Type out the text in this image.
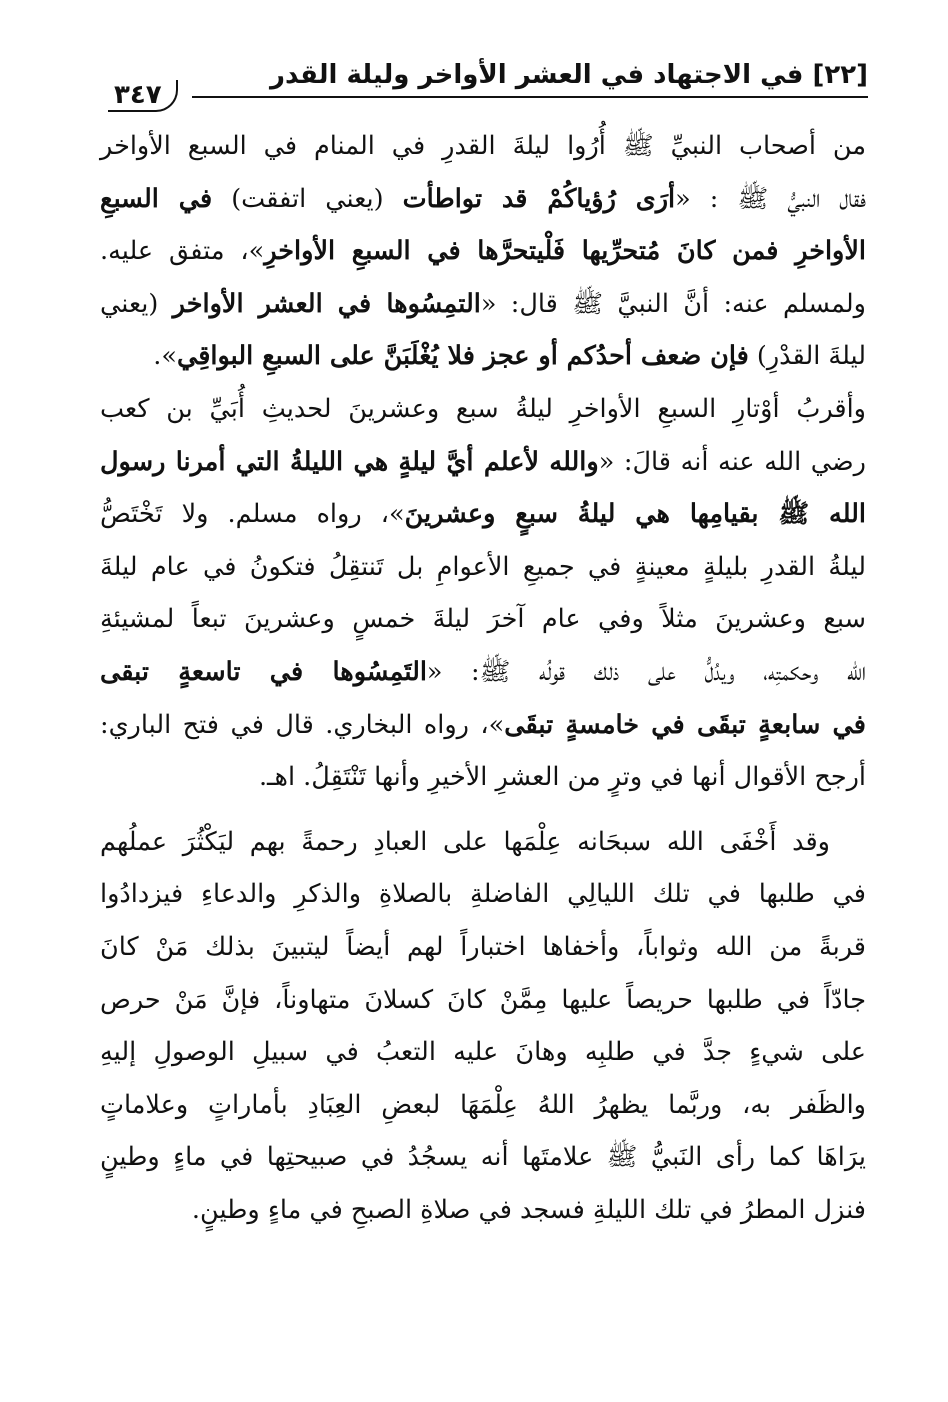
[٢٢] في الاجتهاد في العشر الأواخر وليلة القدر
٣٤٧
من أصحاب النبيِّ ﷺ أُرُوا ليلةَ القدرِ في المنام في السبع الأواخر
فقال النبيُّ ﷺ : «أرَى رُؤياكُمْ قد تواطأت (يعني اتفقت) في السبعِ
الأواخرِ فمن كانَ مُتحرِّيها فَلْيتحرَّها في السبعِ الأواخرِ»، متفق عليه.
ولمسلم عنه: أنَّ النبيَّ ﷺ قال: «التمِسُوها في العشر الأواخر (يعني
ليلةَ القدْرِ) فإن ضعف أحدُكم أو عجز فلا يُغْلَبَنَّ على السبعِ البواقِي».
وأقربُ أوْتارِ السبعِ الأواخرِ ليلةُ سبع وعشرينَ لحديثِ أُبَيِّ بن كعب
رضي الله عنه أنه قالَ: «والله لأعلم أيَّ ليلةٍ هي الليلةُ التي أمرنا رسول
الله ﷺ بقيامِها هي ليلةُ سبعٍ وعشرينَ»، رواه مسلم. ولا تَخْتَصُّ
ليلةُ القدرِ بليلةٍ معينةٍ في جميعِ الأعوامِ بل تَنتقِلُ فتكونُ في عام ليلةَ
سبع وعشرينَ مثلاً وفي عام آخرَ ليلةَ خمسٍ وعشرينَ تبعاً لمشيئةِ
الله وحكمتِه، ويدُلُّ على ذلك قولُه ﷺ: «التَمِسُوها في تاسعةٍ تبقى
في سابعةٍ تبقَى في خامسةٍ تبقَى»، رواه البخاري. قال في فتح الباري:
أرجح الأقوال أنها في وترٍ من العشرِ الأخيرِ وأنها تَنْتَقِلُ. اهـ.
وقد أَخْفَى الله سبحَانه عِلْمَها على العبادِ رحمةً بهم ليَكْثُرَ عملُهم
في طلبها في تلك الليالِي الفاضلةِ بالصلاةِ والذكرِ والدعاءِ فيزدادُوا
قربةً من الله وثواباً، وأخفاها اختباراً لهم أيضاً ليتبينَ بذلك مَنْ كانَ
جادّاً في طلبها حريصاً عليها مِمَّنْ كانَ كسلانَ متهاوناً، فإنَّ مَنْ حرص
على شيءٍ جدَّ في طلبِه وهانَ عليه التعبُ في سبيلِ الوصولِ إليهِ
والظَفر به، وربَّما يظهرُ اللهُ عِلْمَهَا لبعضِ العِبَادِ بأماراتٍ وعلاماتٍ
يرَاهَا كما رأى النَبيُّ ﷺ علامتَها أنه يسجُدُ في صبيحتِها في ماءٍ وطينٍ
فنزل المطرُ في تلك الليلةِ فسجد في صلاةِ الصبحِ في ماءٍ وطينٍ.
